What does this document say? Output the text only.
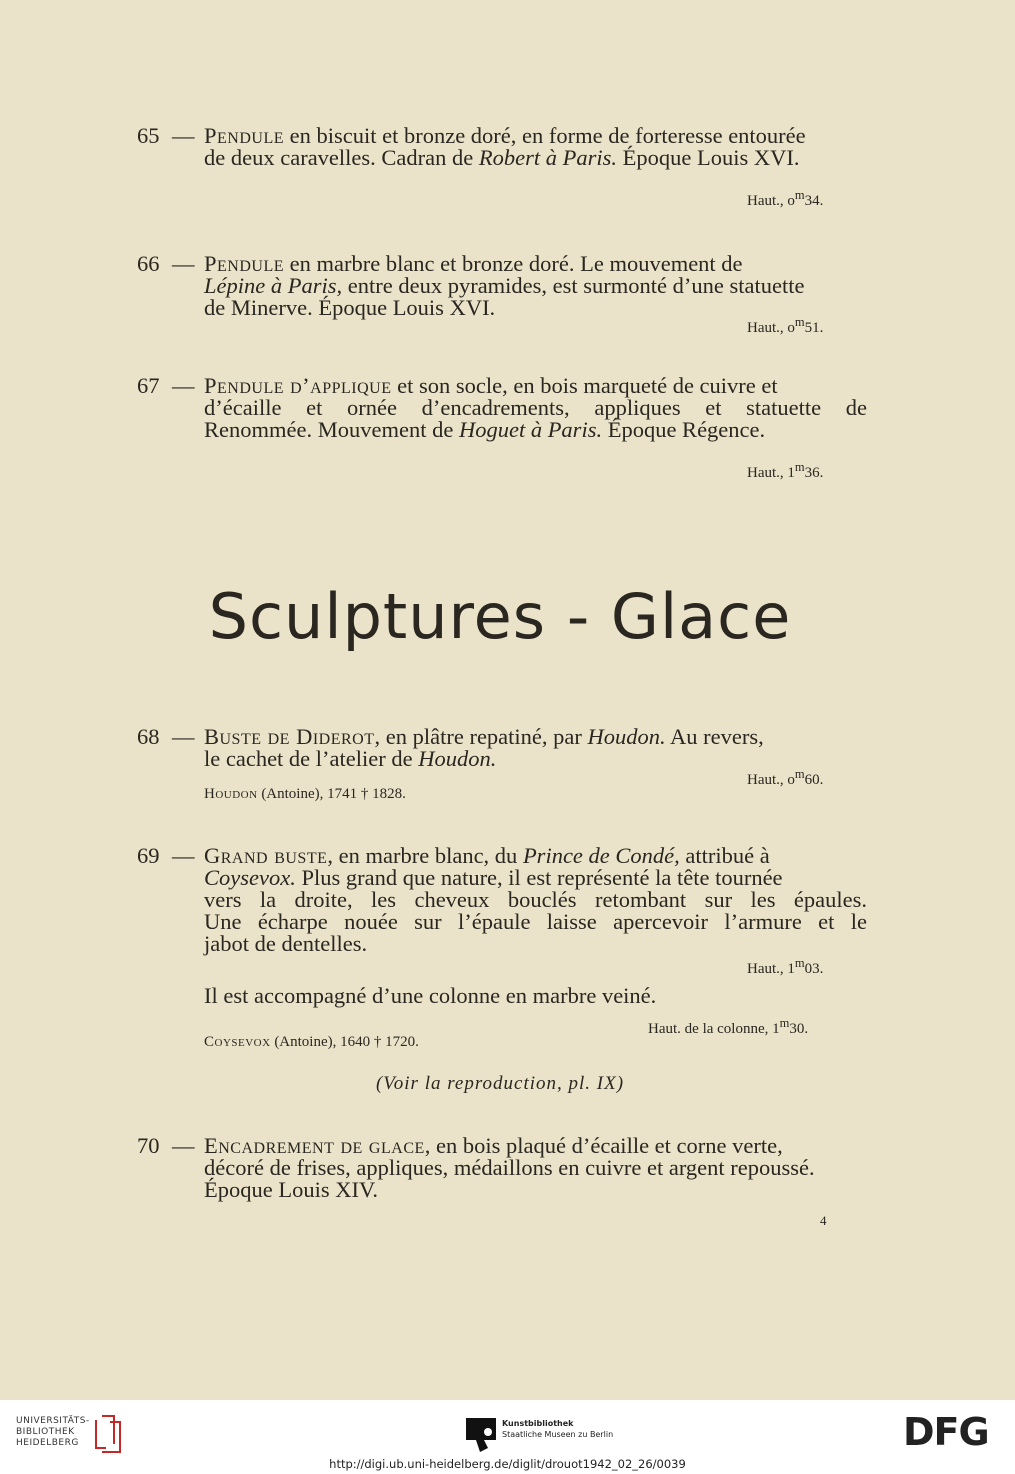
65 — Pendule en biscuit et bronze doré, en forme de forteresse entourée
de deux caravelles. Cadran de Robert à Paris. Époque Louis XVI.
Haut., $o^m34$.
66 — Pendule en marbre blanc et bronze doré. Le mouvement de
Lépine à Paris, entre deux pyramides, est surmonté d’une statuette
de Minerve. Époque Louis XVI.
Haut., $o^m51$.
67 — Pendule d’applique et son socle, en bois marqueté de cuivre et
d’écaille et ornée d’encadrements, appliques et statuette de
Renommée. Mouvement de Hoguet à Paris. Époque Régence.
Haut., 1$^m$36.
Sculptures - Glace
68 — Buste de Diderot, en plâtre repatiné, par Houdon. Au revers,
le cachet de l’atelier de Houdon.
Haut., $o^m60$.
Houdon (Antoine), 1741 † 1828.
69 — Grand buste, en marbre blanc, du Prince de Condé, attribué à
Coysevox. Plus grand que nature, il est représenté la tête tournée
vers la droite, les cheveux bouclés retombant sur les épaules.
Une écharpe nouée sur l’épaule laisse apercevoir l’armure et le
jabot de dentelles.
Haut., 1$^m$03.
Il est accompagné d’une colonne en marbre veiné.
Haut. de la colonne, 1$^m$30.
Coysevox (Antoine), 1640 † 1720.
(Voir la reproduction, pl. IX)
70 — Encadrement de glace, en bois plaqué d’écaille et corne verte,
décoré de frises, appliques, médaillons en cuivre et argent repoussé.
Époque Louis XIV.
4
UNIVERSITÄTS-
BIBLIOTHEK
HEIDELBERG
Kunstbibliothek
Staatliche Museen zu Berlin	DFG
http://digi.ub.uni-heidelberg.de/diglit/drouot1942_02_26/0039
